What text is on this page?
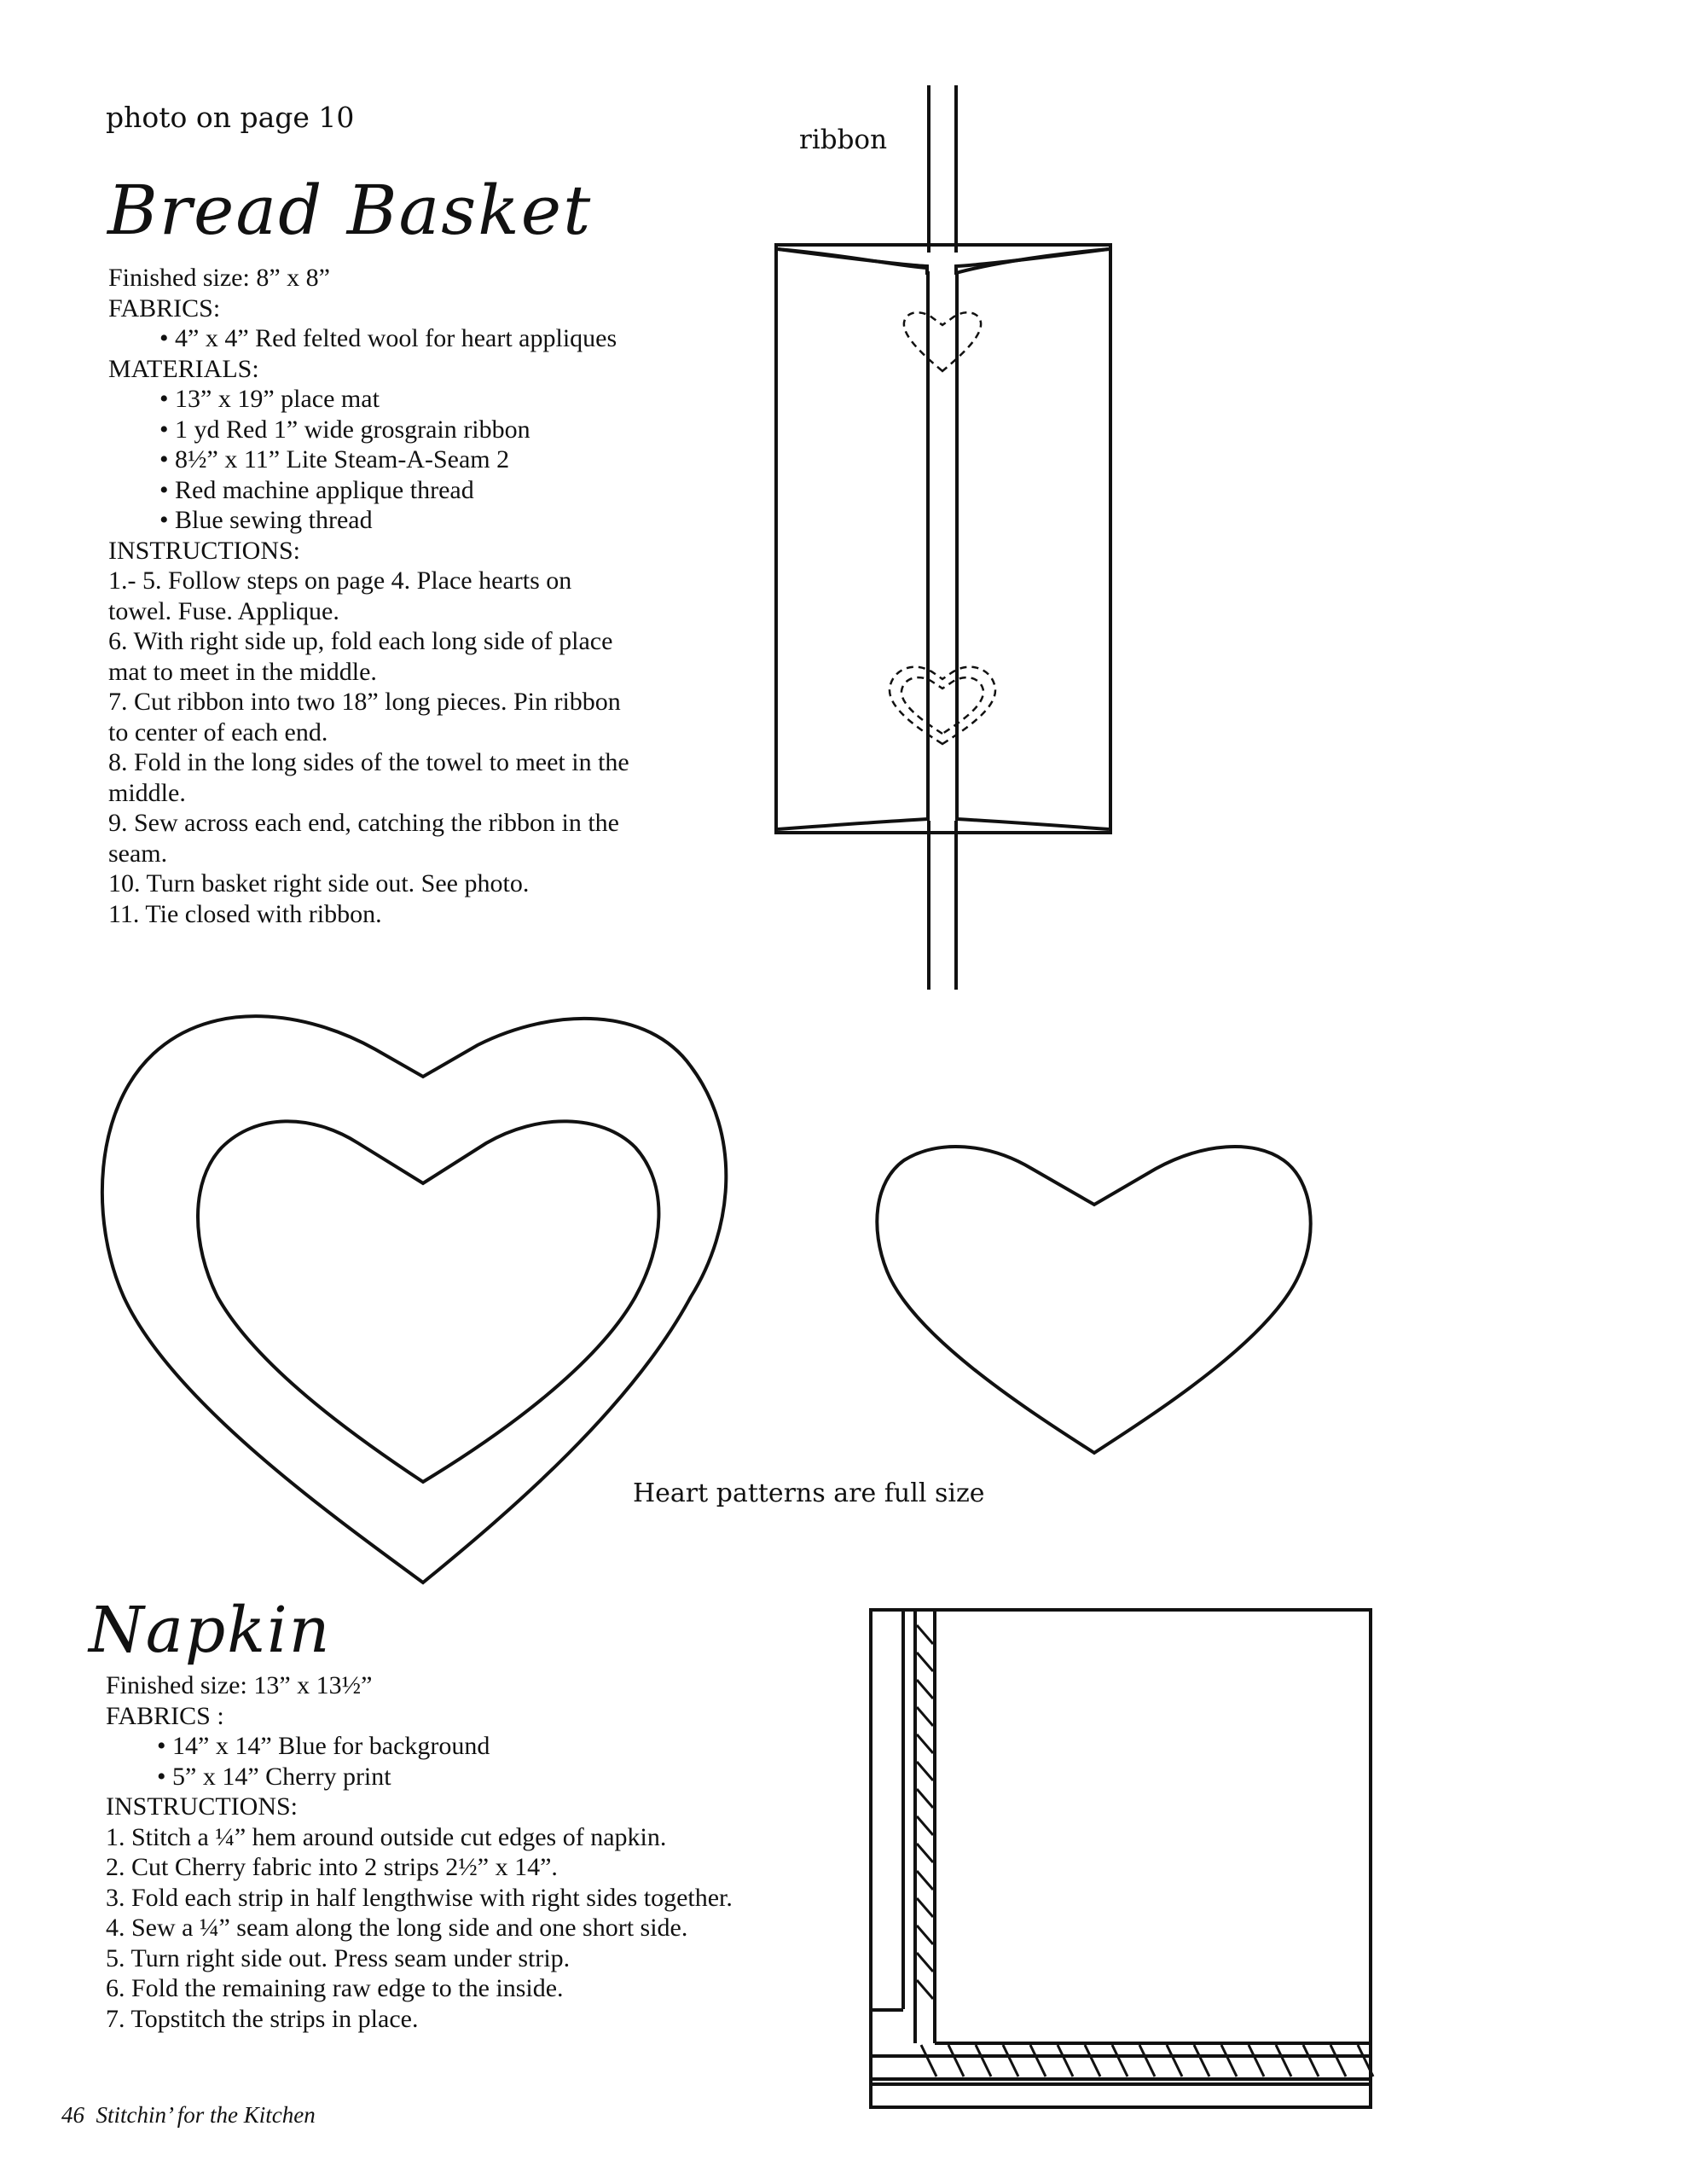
photo on page 10
ribbon
Bread Basket
Finished size: 8” x 8”
FABRICS:
• 4” x 4” Red felted wool for heart appliques
MATERIALS:
• 13” x 19” place mat
• 1 yd Red 1” wide grosgrain ribbon
• 8½” x 11” Lite Steam-A-Seam 2
• Red machine applique thread
• Blue sewing thread
INSTRUCTIONS:
1.- 5. Follow steps on page 4. Place hearts on
towel. Fuse. Applique.
6. With right side up, fold each long side of place
mat to meet in the middle.
7. Cut ribbon into two 18” long pieces. Pin ribbon
to center of each end.
8. Fold in the long sides of the towel to meet in the
middle.
9. Sew across each end, catching the ribbon in the
seam.
10. Turn basket right side out. See photo.
11. Tie closed with ribbon.
Heart patterns are full size
Napkin
Finished size: 13” x 13½”
FABRICS :
• 14” x 14” Blue for background
• 5” x 14” Cherry print
INSTRUCTIONS:
1. Stitch a ¼” hem around outside cut edges of napkin.
2. Cut Cherry fabric into 2 strips 2½” x 14”.
3. Fold each strip in half lengthwise with right sides together.
4. Sew a ¼” seam along the long side and one short side.
5. Turn right side out. Press seam under strip.
6. Fold the remaining raw edge to the inside.
7. Topstitch the strips in place.
46 Stitchin’ for the Kitchen
